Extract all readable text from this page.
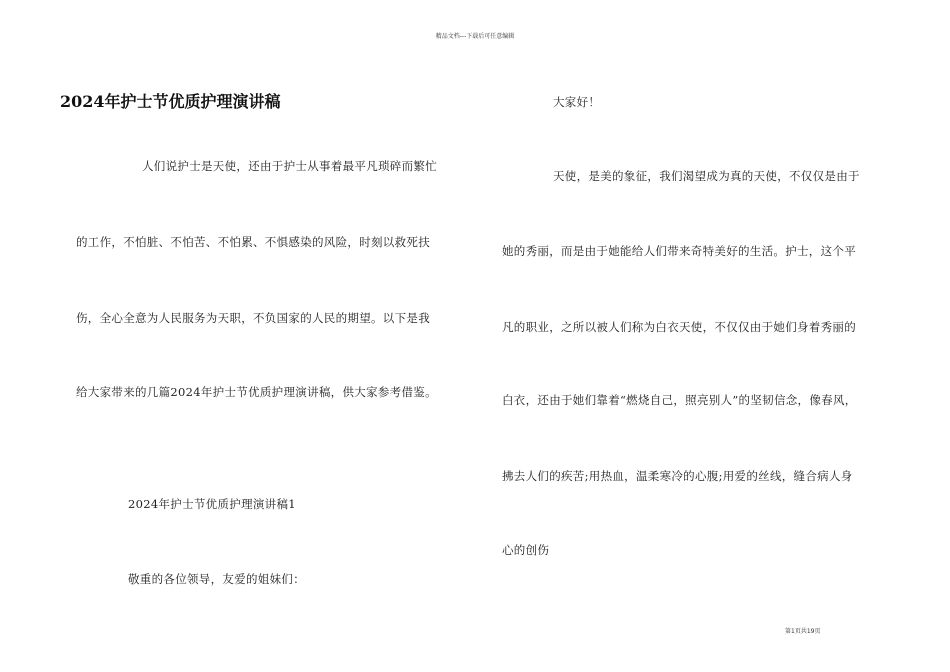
精品文档---下载后可任意编辑
2024年护士节优质护理演讲稿
人们说护士是天使，还由于护士从事着最平凡琐碎而繁忙
的工作，不怕脏、不怕苦、不怕累、不惧感染的风险，时刻以救死扶
伤，全心全意为人民服务为天职，不负国家的人民的期望。以下是我
给大家带来的几篇2024年护士节优质护理演讲稿，供大家参考借鉴。
2024年护士节优质护理演讲稿1
敬重的各位领导，友爱的姐妹们：
大家好！
天使，是美的象征，我们渴望成为真的天使，不仅仅是由于
她的秀丽，而是由于她能给人们带来奇特美好的生活。护士，这个平
凡的职业，之所以被人们称为白衣天使，不仅仅由于她们身着秀丽的
白衣，还由于她们靠着“燃烧自己，照亮别人”的坚韧信念，像春风，
拂去人们的疾苦;用热血，温柔寒冷的心腹;用爱的丝线，缝合病人身
心的创伤
第1页共19页
